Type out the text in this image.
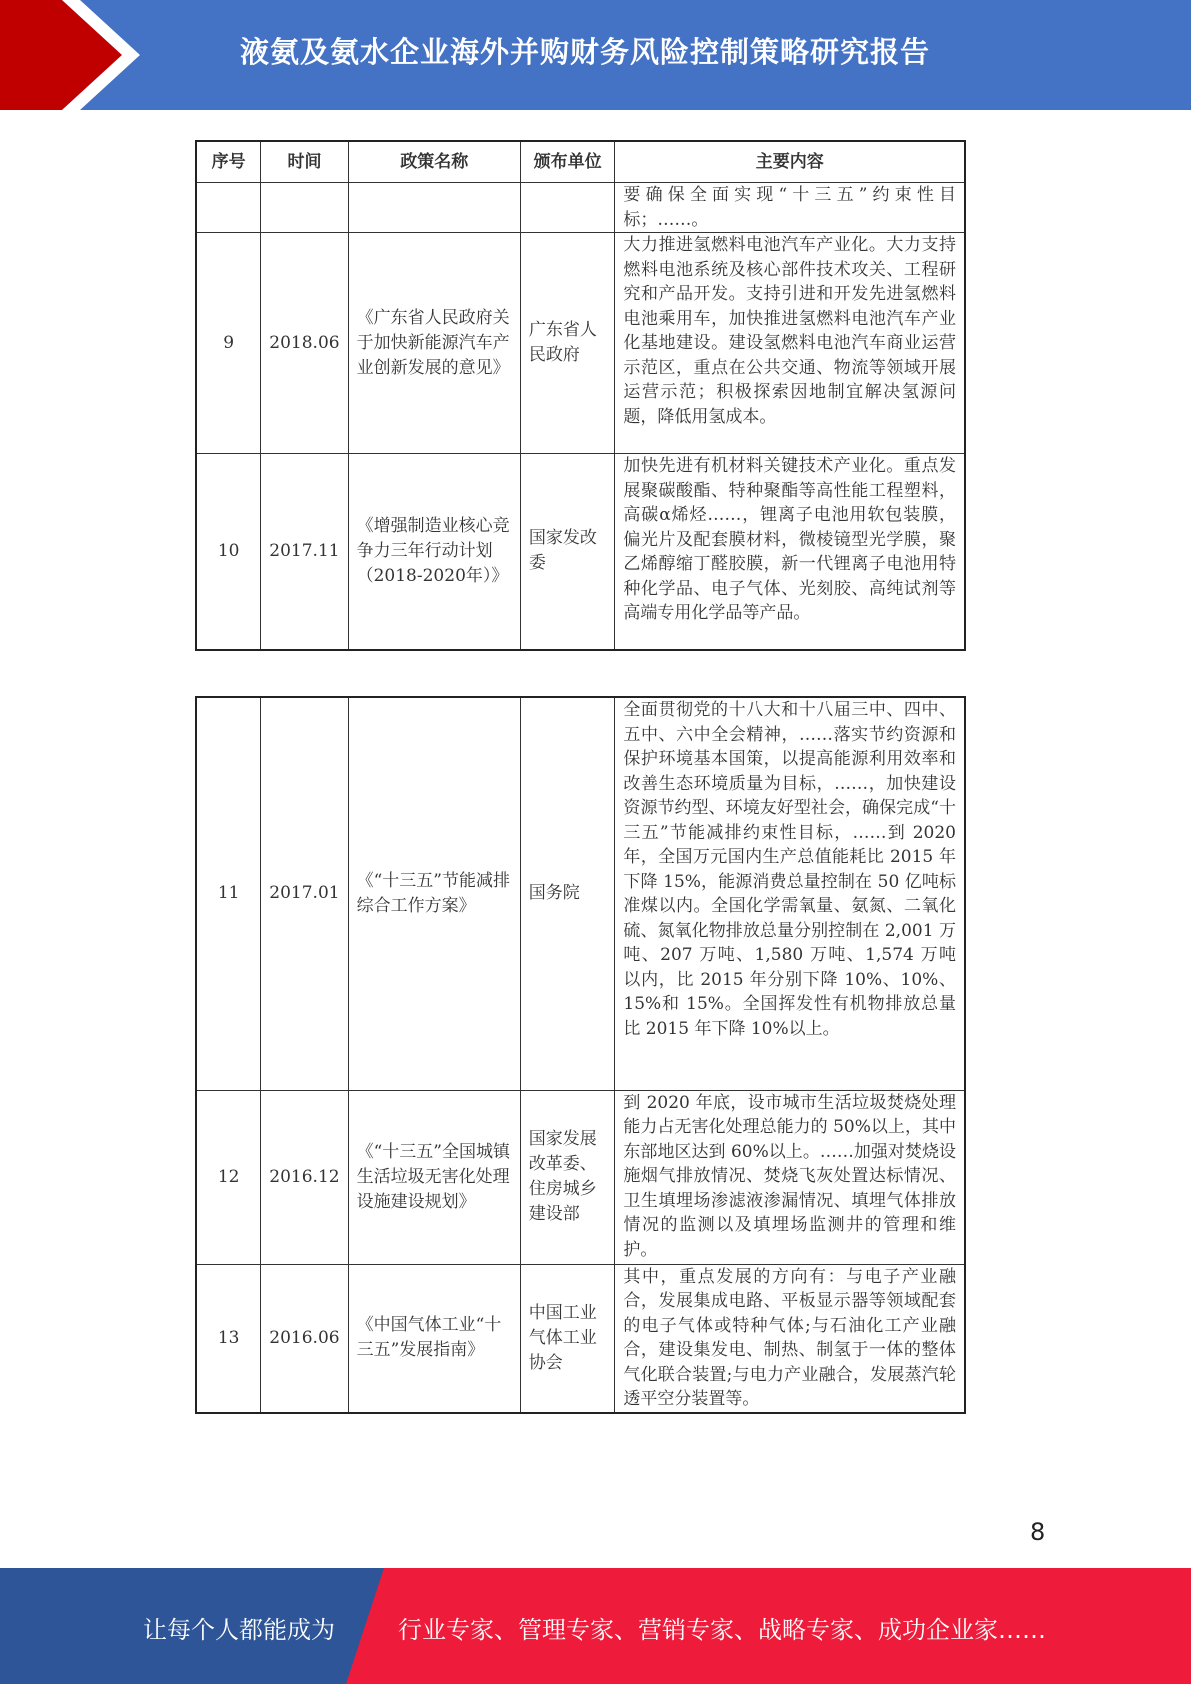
液氨及氨水企业海外并购财务风险控制策略研究报告
序号	时间	政策名称	颁布单位	主要内容
				要确保全面实现“十三五”约束性目标；……。
9	2018.06	《广东省人民政府关于加快新能源汽车产业创新发展的意见》	广东省人民政府	大力推进氢燃料电池汽车产业化。大力支持燃料电池系统及核心部件技术攻关、工程研究和产品开发。支持引进和开发先进氢燃料电池乘用车，加快推进氢燃料电池汽车产业化基地建设。建设氢燃料电池汽车商业运营示范区，重点在公共交通、物流等领域开展运营示范；积极探索因地制宜解决氢源问题，降低用氢成本。
10	2017.11	《增强制造业核心竞争力三年行动计划（2018-2020年）》	国家发改委	加快先进有机材料关键技术产业化。重点发展聚碳酸酯、特种聚酯等高性能工程塑料，高碳α烯烃……，锂离子电池用软包装膜，偏光片及配套膜材料，微棱镜型光学膜，聚乙烯醇缩丁醛胶膜，新一代锂离子电池用特种化学品、电子气体、光刻胶、高纯试剂等高端专用化学品等产品。
11	2017.01	《“十三五”节能减排综合工作方案》	国务院	全面贯彻党的十八大和十八届三中、四中、五中、六中全会精神，……落实节约资源和保护环境基本国策，以提高能源利用效率和改善生态环境质量为目标，……，加快建设资源节约型、环境友好型社会，确保完成“十三五”节能减排约束性目标，……到 2020 年，全国万元国内生产总值能耗比 2015 年下降 15%，能源消费总量控制在 50 亿吨标准煤以内。全国化学需氧量、氨氮、二氧化硫、氮氧化物排放总量分别控制在 2,001 万吨、207 万吨、1,580 万吨、1,574 万吨以内，比 2015 年分别下降 10%、10%、15%和 15%。全国挥发性有机物排放总量比 2015 年下降 10%以上。
12	2016.12	《“十三五”全国城镇生活垃圾无害化处理设施建设规划》	国家发展改革委、住房城乡建设部	到 2020 年底，设市城市生活垃圾焚烧处理能力占无害化处理总能力的 50%以上，其中东部地区达到 60%以上。……加强对焚烧设施烟气排放情况、焚烧飞灰处置达标情况、卫生填埋场渗滤液渗漏情况、填埋气体排放情况的监测以及填埋场监测井的管理和维护。
13	2016.06	《中国气体工业“十三五”发展指南》	中国工业气体工业协会	其中，重点发展的方向有：与电子产业融合，发展集成电路、平板显示器等领域配套的电子气体或特种气体;与石油化工产业融合，建设集发电、制热、制氢于一体的整体气化联合装置;与电力产业融合，发展蒸汽轮透平空分装置等。
8
让每个人都能成为	行业专家、管理专家、营销专家、战略专家、成功企业家……
